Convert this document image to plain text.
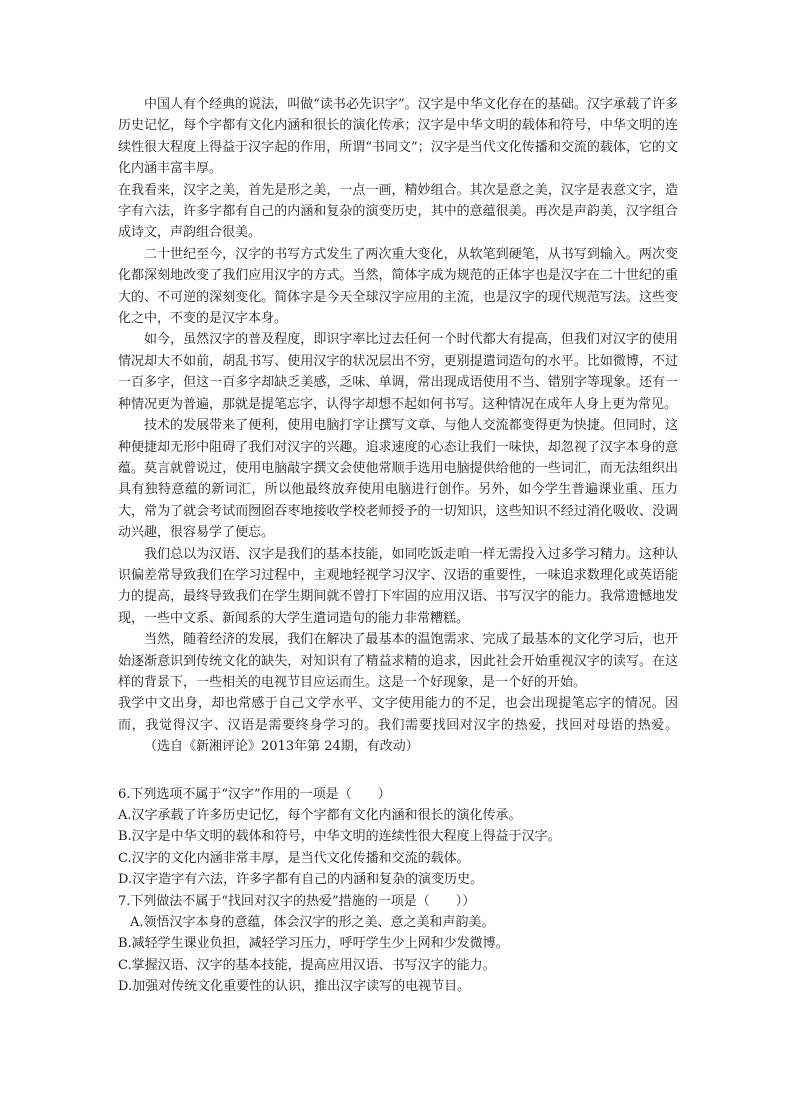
中国人有个经典的说法，叫做“读书必先识字”。汉字是中华文化存在的基础。汉字承载了许多历史记忆，每个字都有文化内涵和很长的演化传承；汉字是中华文明的载体和符号，中华文明的连续性很大程度上得益于汉字起的作用，所谓“书同文”；汉字是当代文化传播和交流的载体，它的文化内涵丰富丰厚。

在我看来，汉字之美，首先是形之美，一点一画，精妙组合。其次是意之美，汉字是表意文字，造字有六法，许多字都有自己的内涵和复杂的演变历史，其中的意蕴很美。再次是声韵美，汉字组合成诗文，声韵组合很美。

二十世纪至今，汉字的书写方式发生了两次重大变化，从软笔到硬笔，从书写到输入。两次变化都深刻地改变了我们应用汉字的方式。当然，简体字成为规范的正体字也是汉字在二十世纪的重大的、不可逆的深刻变化。简体字是今天全球汉字应用的主流，也是汉字的现代规范写法。这些变化之中，不变的是汉字本身。

如今，虽然汉字的普及程度，即识字率比过去任何一个时代都大有提高，但我们对汉字的使用情况却大不如前，胡乱书写、使用汉字的状况层出不穷，更别提遣词造句的水平。比如微博，不过一百多字，但这一百多字却缺乏美感，乏味、单调，常出现成语使用不当、错别字等现象。还有一种情况更为普遍，那就是提笔忘字，认得字却想不起如何书写。这种情况在成年人身上更为常见。

技术的发展带来了便利，使用电脑打字让撰写文章、与他人交流都变得更为快捷。但同时，这种便捷却无形中阻碍了我们对汉字的兴趣。追求速度的心态让我们一味快，却忽视了汉字本身的意蕴。莫言就曾说过，使用电脑敲字撰文会使他常顺手选用电脑提供给他的一些词汇，而无法组织出具有独特意蕴的新词汇，所以他最终放弃使用电脑进行创作。另外，如今学生普遍课业重、压力大，常为了就会考试而囫囵吞枣地接收学校老师授予的一切知识，这些知识不经过消化吸收、没调动兴趣，很容易学了便忘。

我们总以为汉语、汉字是我们的基本技能，如同吃饭走咱一样无需投入过多学习精力。这种认识偏差常导致我们在学习过程中，主观地轻视学习汉字、汉语的重要性，一味追求数理化或英语能力的提高，最终导致我们在学生期间就不曾打下牢固的应用汉语、书写汉字的能力。我常遗憾地发现，一些中文系、新闻系的大学生遣词造句的能力非常糟糕。

当然，随着经济的发展，我们在解决了最基本的温饱需求、完成了最基本的文化学习后，也开始逐渐意识到传统文化的缺失，对知识有了精益求精的追求，因此社会开始重视汉字的读写。在这样的背景下，一些相关的电视节目应运而生。这是一个好现象，是一个好的开始。

我学中文出身，却也常感于自己文学水平、文字使用能力的不足，也会出现提笔忘字的情况。因而，我觉得汉字、汉语是需要终身学习的。我们需要找回对汉字的热爱，找回对母语的热爱。（选自《新湘评论》2013年第 24期，有改动）

6.下列选项不属于“汉字”作用的一项是（　　）

A.汉字承载了许多历史记忆，每个字都有文化内涵和很长的演化传承。

B.汉字是中华文明的载体和符号，中华文明的连续性很大程度上得益于汉字。

C.汉字的文化内涵非常丰厚，是当代文化传播和交流的载体。

D.汉字造字有六法，许多字都有自己的内涵和复杂的演变历史。

7.下列做法不属于“找回对汉字的热爱”措施的一项是（　　））

A.领悟汉字本身的意蕴，体会汉字的形之美、意之美和声韵美。

B.减轻学生课业负担，减轻学习压力，呼吁学生少上网和少发微博。

C.掌握汉语、汉字的基本技能，提高应用汉语、书写汉字的能力。

D.加强对传统文化重要性的认识，推出汉字读写的电视节目。
